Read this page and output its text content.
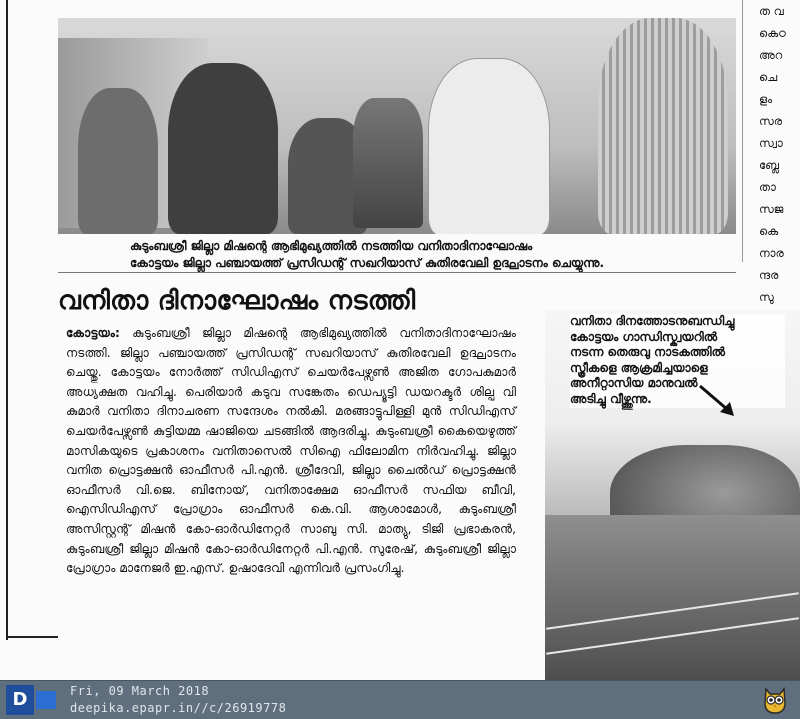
കുടുംബശ്രീ ജില്ലാ മിഷന്റെ ആഭിമുഖ്യത്തിൽ നടത്തിയ വനിതാദിനാഘോഷം
കോട്ടയം ജില്ലാ പഞ്ചായത്ത് പ്രസിഡന്റ് സഖറിയാസ് കുതിരവേലി ഉദ്ഘാടനം ചെയ്യുന്നു.
വനിതാ ദിനാഘോഷം നടത്തി
കോട്ടയം: കുടുംബശ്രീ ജില്ലാ മിഷന്റെ ആഭിമുഖ്യത്തിൽ വനിതാദിനാഘോഷം നടത്തി. ജില്ലാ പഞ്ചായത്ത് പ്രസിഡന്റ് സഖറിയാസ് കുതിരവേലി ഉദ്ഘാടനം ചെയ്തു. കോട്ടയം നോർത്ത് സിഡിഎസ് ചെയർപേഴ്സൺ അജിത ഗോപകുമാർ അധ്യക്ഷത വഹിച്ചു. പെരിയാർ കടുവ സങ്കേതം ഡെപ്യൂട്ടി ഡയറക്ടർ ശില്പ വി കുമാർ വനിതാ ദിനാചരണ സന്ദേശം നൽകി. മരങ്ങാട്ടുപിള്ളി മുൻ സിഡിഎസ് ചെയർപേഴ്സൺ കുട്ടിയമ്മ ഷാജിയെ ചടങ്ങിൽ ആദരിച്ചു. കുടുംബശ്രീ കൈയെഴുത്ത് മാസികയുടെ പ്രകാശനം വനിതാസെൽ സിഐ ഫിലോമിന നിർവഹിച്ചു. ജില്ലാ വനിത പ്രൊട്ടക്ഷൻ ഓഫീസർ പി.എൻ. ശ്രീദേവി, ജില്ലാ ചൈൽഡ് പ്രൊട്ടക്ഷൻ ഓഫീസർ വി.ജെ. ബിനോയ്, വനിതാക്ഷേമ ഓഫീസർ സഫിയ ബീവി, ഐസിഡിഎസ് പ്രോഗ്രാം ഓഫീസർ കെ.വി. ആശാമോൾ, കുടുംബശ്രീ അസിസ്റ്റന്റ് മിഷൻ കോ-ഓർഡിനേറ്റർ സാബു സി. മാത്യു, ടിജി പ്രഭാകരൻ, കുടുംബശ്രീ ജില്ലാ മിഷൻ കോ-ഓർഡിനേറ്റർ പി.എൻ. സുരേഷ്, കുടുംബശ്രീ ജില്ലാ പ്രോഗ്രാം മാനേജർ ഇ.എസ്. ഉഷാദേവി എന്നിവർ പ്രസംഗിച്ചു.
ത വ
കെഠ
അറ
ചെ
ളം
സര
സ്വാ
ബ്ലേ
താ
സജ
കെ
നാര
ന്ദര
സു
വനിതാ ദിനത്തോടനുബന്ധിച്ചു
കോട്ടയം ഗാന്ധിസ്ക്വയറിൽ
നടന്ന തെരുവു നാടകത്തിൽ
സ്ത്രീകളെ ആക്രമിച്ചയാളെ
അനീറ്റാസിയ മാനുവൽ
അടിച്ചു വീഴ്ത്തുന്നു.
D	Fri, 09 March 2018
deepika.epapr.in//c/26919778
